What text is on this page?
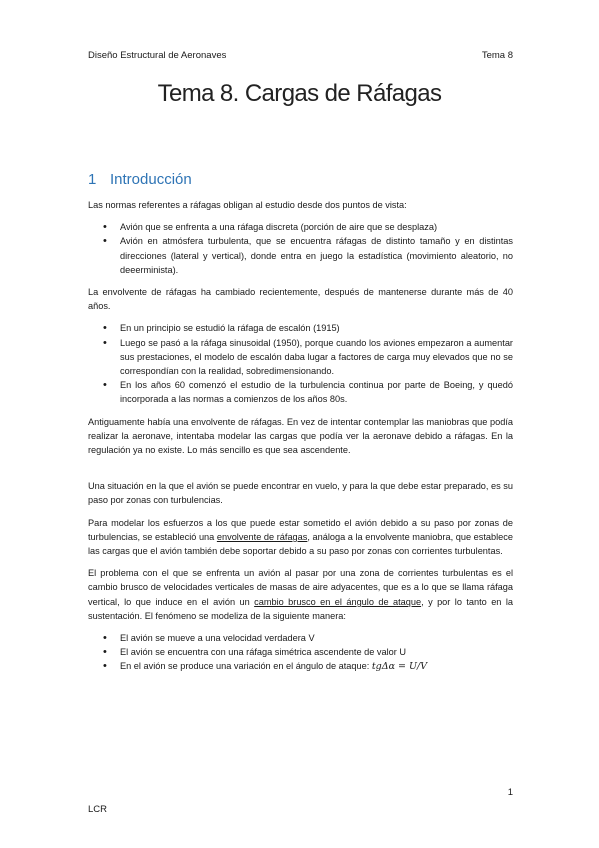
Diseño Estructural de Aeronaves	Tema 8
Tema 8. Cargas de Ráfagas
1 Introducción

Las normas referentes a ráfagas obligan al estudio desde dos puntos de vista:

• Avión que se enfrenta a una ráfaga discreta (porción de aire que se desplaza)
• Avión en atmósfera turbulenta, que se encuentra ráfagas de distinto tamaño y en distintas direcciones (lateral y vertical), donde entra en juego la estadística (movimiento aleatorio, no deeerminista).

La envolvente de ráfagas ha cambiado recientemente, después de mantenerse durante más de 40 años.

• En un principio se estudió la ráfaga de escalón (1915)
• Luego se pasó a la ráfaga sinusoidal (1950), porque cuando los aviones empezaron a aumentar sus prestaciones, el modelo de escalón daba lugar a factores de carga muy elevados que no se correspondían con la realidad, sobredimensionando.
• En los años 60 comenzó el estudio de la turbulencia continua por parte de Boeing, y quedó incorporada a las normas a comienzos de los años 80s.

Antiguamente había una envolvente de ráfagas. En vez de intentar contemplar las maniobras que podía realizar la aeronave, intentaba modelar las cargas que podía ver la aeronave debido a ráfagas. En la regulación ya no existe. Lo más sencillo es que sea ascendente.

Una situación en la que el avión se puede encontrar en vuelo, y para la que debe estar preparado, es su paso por zonas con turbulencias.

Para modelar los esfuerzos a los que puede estar sometido el avión debido a su paso por zonas de turbulencias, se estableció una envolvente de ráfagas, análoga a la envolvente maniobra, que establece las cargas que el avión también debe soportar debido a su paso por zonas con corrientes turbulentas.

El problema con el que se enfrenta un avión al pasar por una zona de corrientes turbulentas es el cambio brusco de velocidades verticales de masas de aire adyacentes, que es a lo que se llama ráfaga vertical, lo que induce en el avión un cambio brusco en el ángulo de ataque, y por lo tanto en la sustentación. El fenómeno se modeliza de la siguiente manera:

• El avión se mueve a una velocidad verdadera V
• El avión se encuentra con una ráfaga simétrica ascendente de valor U
• En el avión se produce una variación en el ángulo de ataque: tgΔα = U/V
1
LCR
